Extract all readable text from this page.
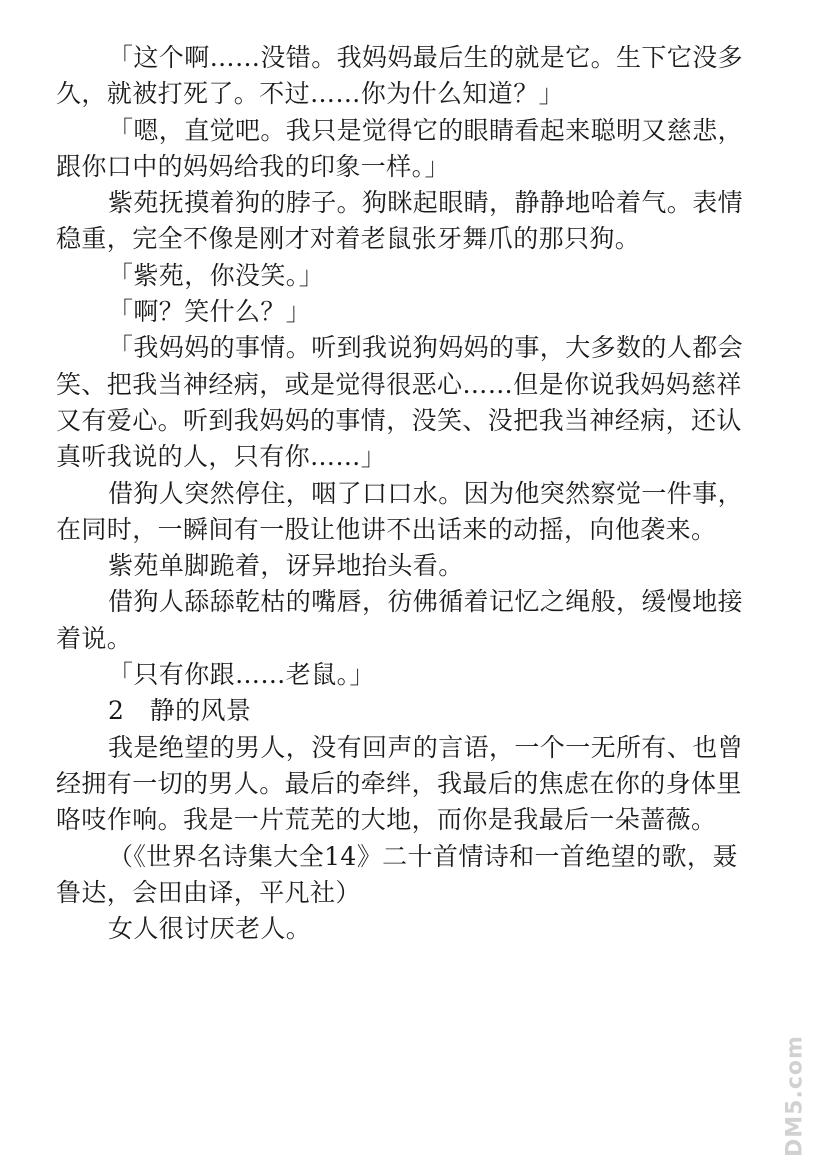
「这个啊……没错。我妈妈最后生的就是它。生下它没多久，就被打死了。不过……你为什么知道？」

「嗯，直觉吧。我只是觉得它的眼睛看起来聪明又慈悲，跟你口中的妈妈给我的印象一样。」

紫苑抚摸着狗的脖子。狗眯起眼睛，静静地哈着气。表情稳重，完全不像是刚才对着老鼠张牙舞爪的那只狗。

「紫苑，你没笑。」

「啊？笑什么？」

「我妈妈的事情。听到我说狗妈妈的事，大多数的人都会笑、把我当神经病，或是觉得很恶心……但是你说我妈妈慈祥又有爱心。听到我妈妈的事情，没笑、没把我当神经病，还认真听我说的人，只有你……」

借狗人突然停住，咽了口口水。因为他突然察觉一件事，在同时，一瞬间有一股让他讲不出话来的动摇，向他袭来。

紫苑单脚跪着，讶异地抬头看。

借狗人舔舔乾枯的嘴唇，彷佛循着记忆之绳般，缓慢地接着说。

「只有你跟……老鼠。」

2　静的风景

我是绝望的男人，没有回声的言语，一个一无所有、也曾经拥有一切的男人。最后的牵绊，我最后的焦虑在你的身体里咯吱作响。我是一片荒芜的大地，而你是我最后一朵蔷薇。

（《世界名诗集大全14》二十首情诗和一首绝望的歌，聂鲁达，会田由译，平凡社）

女人很讨厌老人。

DM5.com
